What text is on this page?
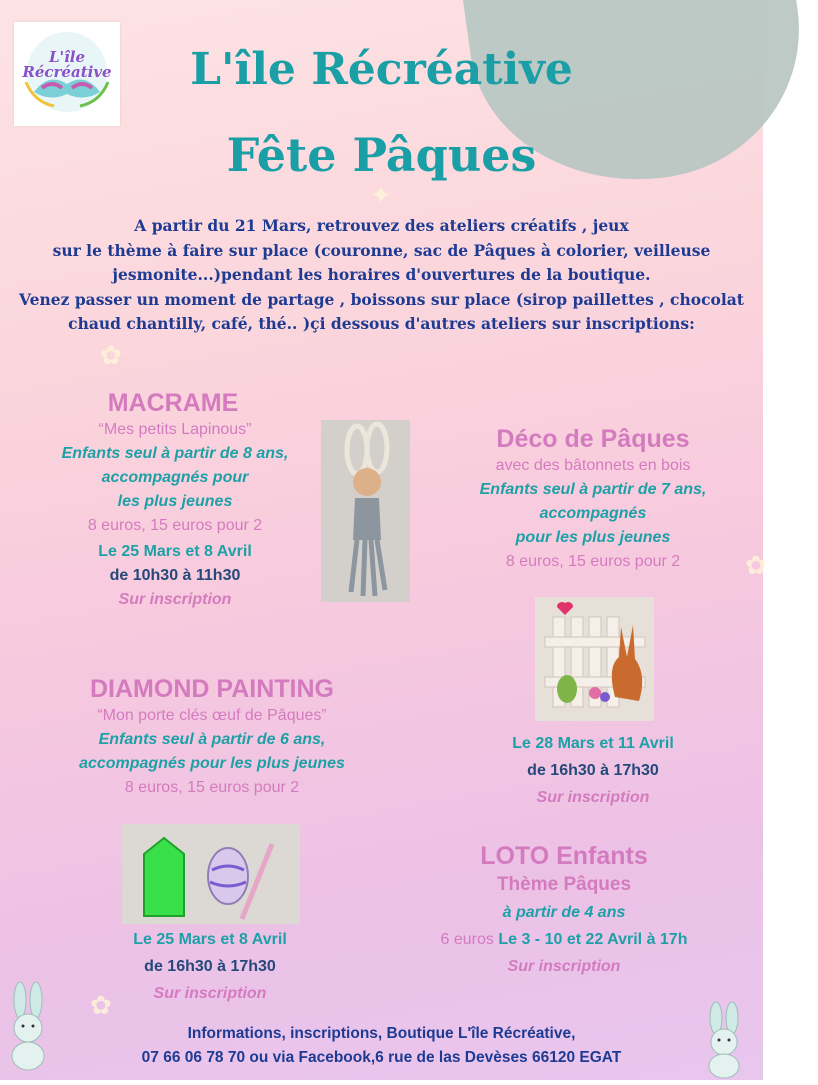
✦
✿
✿
✿
L'île
Récréative	L'île Récréative
Fête Pâques
A partir du 21 Mars, retrouvez des ateliers créatifs , jeux
sur le thème à faire sur place (couronne, sac de Pâques à colorier, veilleuse
jesmonite...)pendant les horaires d'ouvertures de la boutique.
Venez passer un moment de partage , boissons sur place (sirop paillettes , chocolat
chaud chantilly, café, thé.. )çi dessous d'autres ateliers sur inscriptions:
MACRAME
“Mes petits Lapinous”
Enfants seul à partir de 8 ans,
accompagnés pour
les plus jeunes
8 euros, 15 euros pour 2
Le 25 Mars et 8 Avril
de 10h30 à 11h30
Sur inscription
Déco de Pâques
avec des bâtonnets en bois
Enfants seul à partir de 7 ans,
accompagnés
pour les plus jeunes
8 euros, 15 euros pour 2
Le 28 Mars et 11 Avril
de 16h30 à 17h30
Sur inscription
DIAMOND PAINTING
“Mon porte clés œuf de Pâques”
Enfants seul à partir de 6 ans,
accompagnés pour les plus jeunes
8 euros, 15 euros pour 2
Le 25 Mars et 8 Avril
de 16h30 à 17h30
Sur inscription
LOTO Enfants
Thème Pâques
à partir de 4 ans
6 euros Le 3 - 10 et 22 Avril à 17h
Sur inscription
Informations, inscriptions, Boutique L'île Récréative,
07 66 06 78 70 ou via Facebook,6 rue de las Devèses 66120 EGAT
